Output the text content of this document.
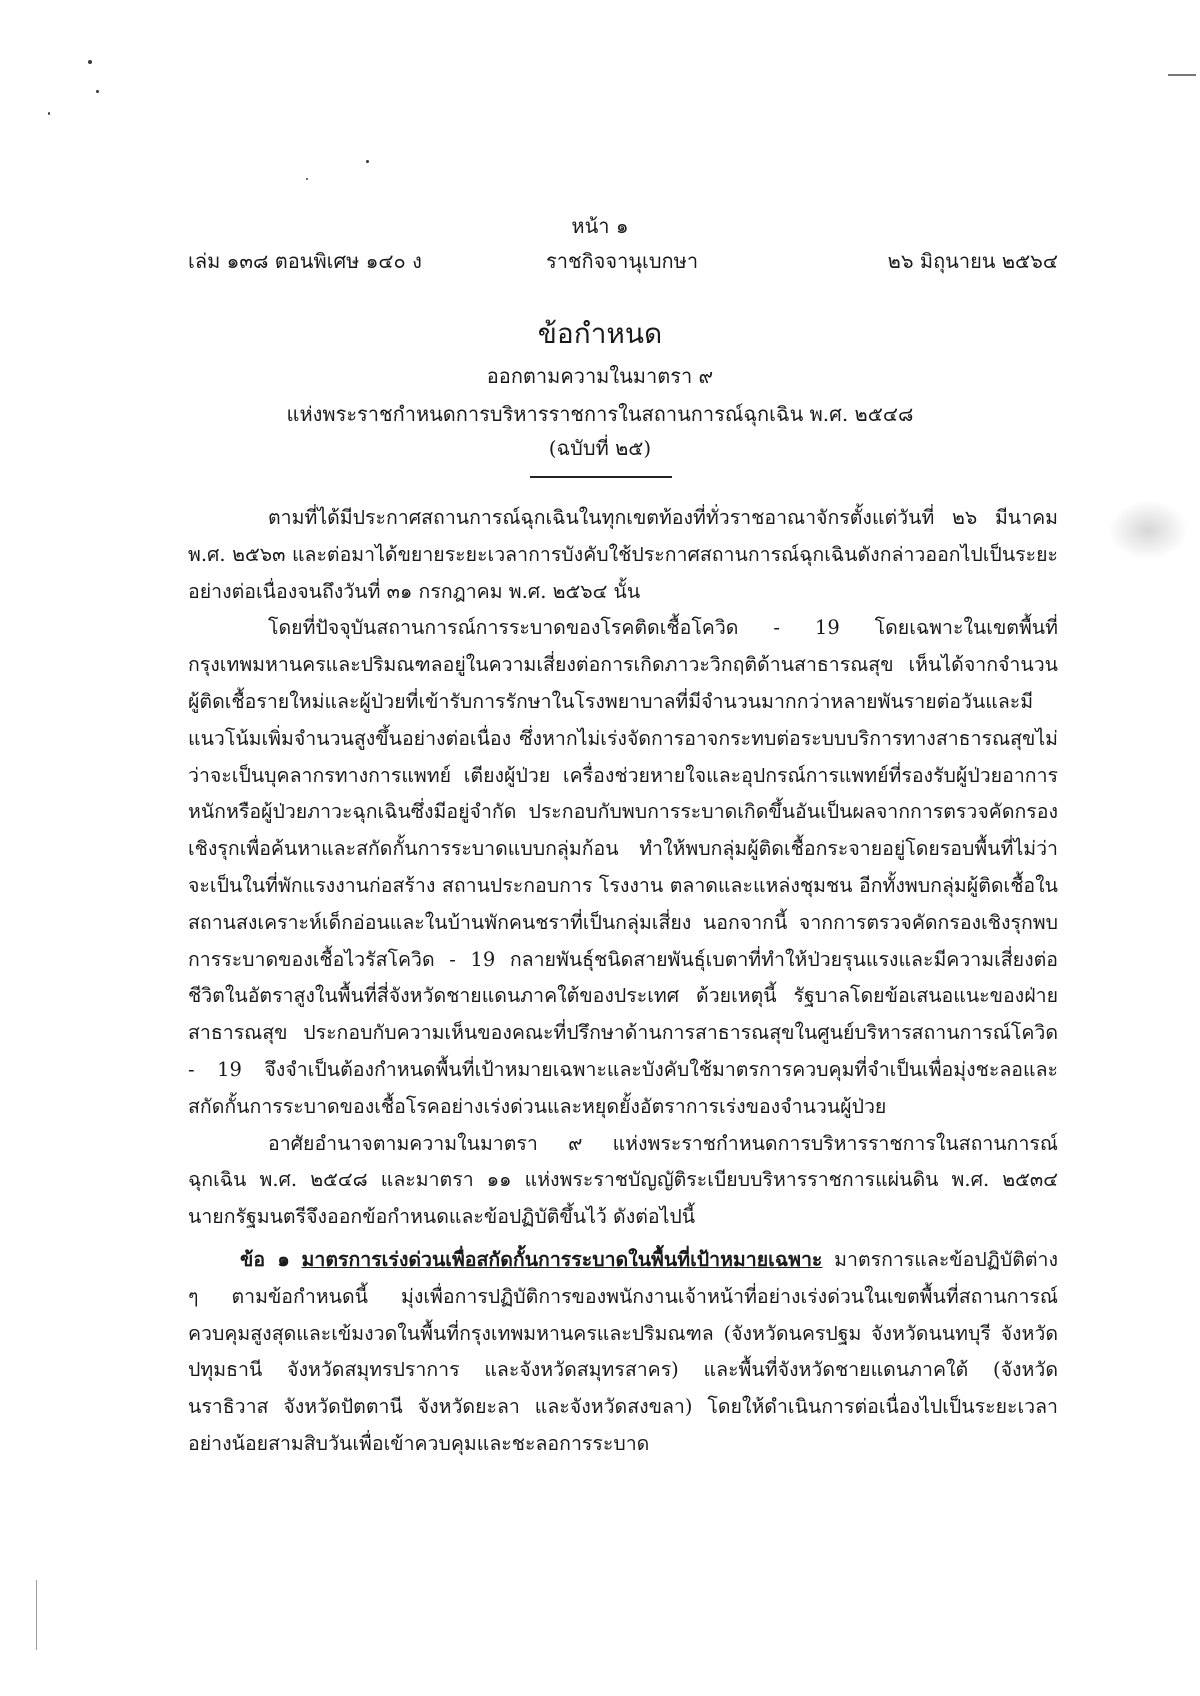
หน้า ๑
เล่ม ๑๓๘ ตอนพิเศษ ๑๔๐ ง	ราชกิจจานุเบกษา	๒๖ มิถุนายน ๒๕๖๔
ข้อกำหนด
ออกตามความในมาตรา ๙
แห่งพระราชกำหนดการบริหารราชการในสถานการณ์ฉุกเฉิน พ.ศ. ๒๕๔๘
(ฉบับที่ ๒๕)

ตามที่ได้มีประกาศสถานการณ์ฉุกเฉินในทุกเขตท้องที่ทั่วราชอาณาจักรตั้งแต่วันที่ ๒๖ มีนาคม พ.ศ. ๒๕๖๓ และต่อมาได้ขยายระยะเวลาการบังคับใช้ประกาศสถานการณ์ฉุกเฉินดังกล่าวออกไปเป็นระยะอย่างต่อเนื่องจนถึงวันที่ ๓๑ กรกฎาคม พ.ศ. ๒๕๖๔ นั้น

โดยที่ปัจจุบันสถานการณ์การระบาดของโรคติดเชื้อโควิด - 19 โดยเฉพาะในเขตพื้นที่กรุงเทพมหานครและปริมณฑลอยู่ในความเสี่ยงต่อการเกิดภาวะวิกฤติด้านสาธารณสุข เห็นได้จากจำนวนผู้ติดเชื้อรายใหม่และผู้ป่วยที่เข้ารับการรักษาในโรงพยาบาลที่มีจำนวนมากกว่าหลายพันรายต่อวันและมีแนวโน้มเพิ่มจำนวนสูงขึ้นอย่างต่อเนื่อง ซึ่งหากไม่เร่งจัดการอาจกระทบต่อระบบบริการทางสาธารณสุขไม่ว่าจะเป็นบุคลากรทางการแพทย์ เตียงผู้ป่วย เครื่องช่วยหายใจและอุปกรณ์การแพทย์ที่รองรับผู้ป่วยอาการหนักหรือผู้ป่วยภาวะฉุกเฉินซึ่งมีอยู่จำกัด ประกอบกับพบการระบาดเกิดขึ้นอันเป็นผลจากการตรวจคัดกรองเชิงรุกเพื่อค้นหาและสกัดกั้นการระบาดแบบกลุ่มก้อน ทำให้พบกลุ่มผู้ติดเชื้อกระจายอยู่โดยรอบพื้นที่ไม่ว่าจะเป็นในที่พักแรงงานก่อสร้าง สถานประกอบการ โรงงาน ตลาดและแหล่งชุมชน อีกทั้งพบกลุ่มผู้ติดเชื้อในสถานสงเคราะห์เด็กอ่อนและในบ้านพักคนชราที่เป็นกลุ่มเสี่ยง นอกจากนี้ จากการตรวจคัดกรองเชิงรุกพบการระบาดของเชื้อไวรัสโควิด - 19 กลายพันธุ์ชนิดสายพันธุ์เบตาที่ทำให้ป่วยรุนแรงและมีความเสี่ยงต่อชีวิตในอัตราสูงในพื้นที่สี่จังหวัดชายแดนภาคใต้ของประเทศ ด้วยเหตุนี้ รัฐบาลโดยข้อเสนอแนะของฝ่ายสาธารณสุข ประกอบกับความเห็นของคณะที่ปรึกษาด้านการสาธารณสุขในศูนย์บริหารสถานการณ์โควิด - 19 จึงจำเป็นต้องกำหนดพื้นที่เป้าหมายเฉพาะและบังคับใช้มาตรการควบคุมที่จำเป็นเพื่อมุ่งชะลอและสกัดกั้นการระบาดของเชื้อโรคอย่างเร่งด่วนและหยุดยั้งอัตราการเร่งของจำนวนผู้ป่วย

อาศัยอำนาจตามความในมาตรา ๙ แห่งพระราชกำหนดการบริหารราชการในสถานการณ์ฉุกเฉิน พ.ศ. ๒๕๔๘ และมาตรา ๑๑ แห่งพระราชบัญญัติระเบียบบริหารราชการแผ่นดิน พ.ศ. ๒๕๓๔ นายกรัฐมนตรีจึงออกข้อกำหนดและข้อปฏิบัติขึ้นไว้ ดังต่อไปนี้

ข้อ ๑ มาตรการเร่งด่วนเพื่อสกัดกั้นการระบาดในพื้นที่เป้าหมายเฉพาะ มาตรการและข้อปฏิบัติต่าง ๆ ตามข้อกำหนดนี้ มุ่งเพื่อการปฏิบัติการของพนักงานเจ้าหน้าที่อย่างเร่งด่วนในเขตพื้นที่สถานการณ์ควบคุมสูงสุดและเข้มงวดในพื้นที่กรุงเทพมหานครและปริมณฑล (จังหวัดนครปฐม จังหวัดนนทบุรี จังหวัดปทุมธานี จังหวัดสมุทรปราการ และจังหวัดสมุทรสาคร) และพื้นที่จังหวัดชายแดนภาคใต้ (จังหวัดนราธิวาส จังหวัดปัตตานี จังหวัดยะลา และจังหวัดสงขลา) โดยให้ดำเนินการต่อเนื่องไปเป็นระยะเวลาอย่างน้อยสามสิบวันเพื่อเข้าควบคุมและชะลอการระบาด
